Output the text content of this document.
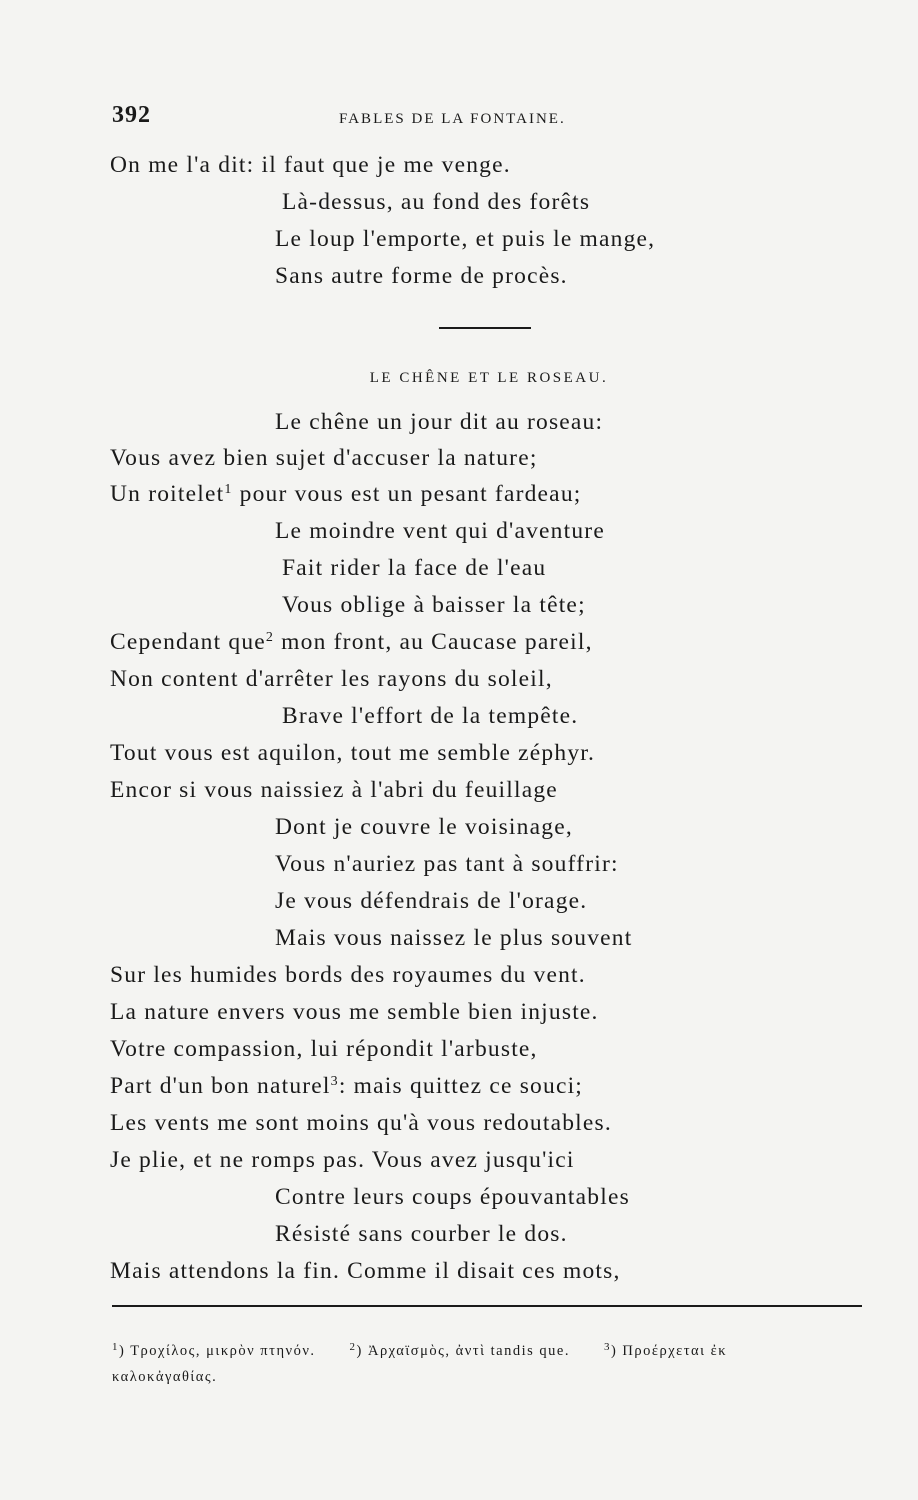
392	FABLES DE LA FONTAINE.
On me l'a dit: il faut que je me venge.
Là-dessus, au fond des forêts
Le loup l'emporte, et puis le mange,
Sans autre forme de procès.
LE CHÊNE ET LE ROSEAU.
Le chêne un jour dit au roseau:
Vous avez bien sujet d'accuser la nature;
Un roitelet$^1$ pour vous est un pesant fardeau;
Le moindre vent qui d'aventure
Fait rider la face de l'eau
Vous oblige à baisser la tête;
Cependant que$^2$ mon front, au Caucase pareil,
Non content d'arrêter les rayons du soleil,
Brave l'effort de la tempête.
Tout vous est aquilon, tout me semble zéphyr.
Encor si vous naissiez à l'abri du feuillage
Dont je couvre le voisinage,
Vous n'auriez pas tant à souffrir:
Je vous défendrais de l'orage.
Mais vous naissez le plus souvent
Sur les humides bords des royaumes du vent.
La nature envers vous me semble bien injuste.
Votre compassion, lui répondit l'arbuste,
Part d'un bon naturel$^3$: mais quittez ce souci;
Les vents me sont moins qu'à vous redoutables.
Je plie, et ne romps pas. Vous avez jusqu'ici
Contre leurs coups épouvantables
Résisté sans courber le dos.
Mais attendons la fin. Comme il disait ces mots,
$^1$) Τροχίλος, μικρὸν πτηνόν.	$^2$) Ἀρχαϊσμὸς, ἀντὶ tandis que.	$^3$) Προέρχεται ἐκ
καλοκἀγαθίας.
